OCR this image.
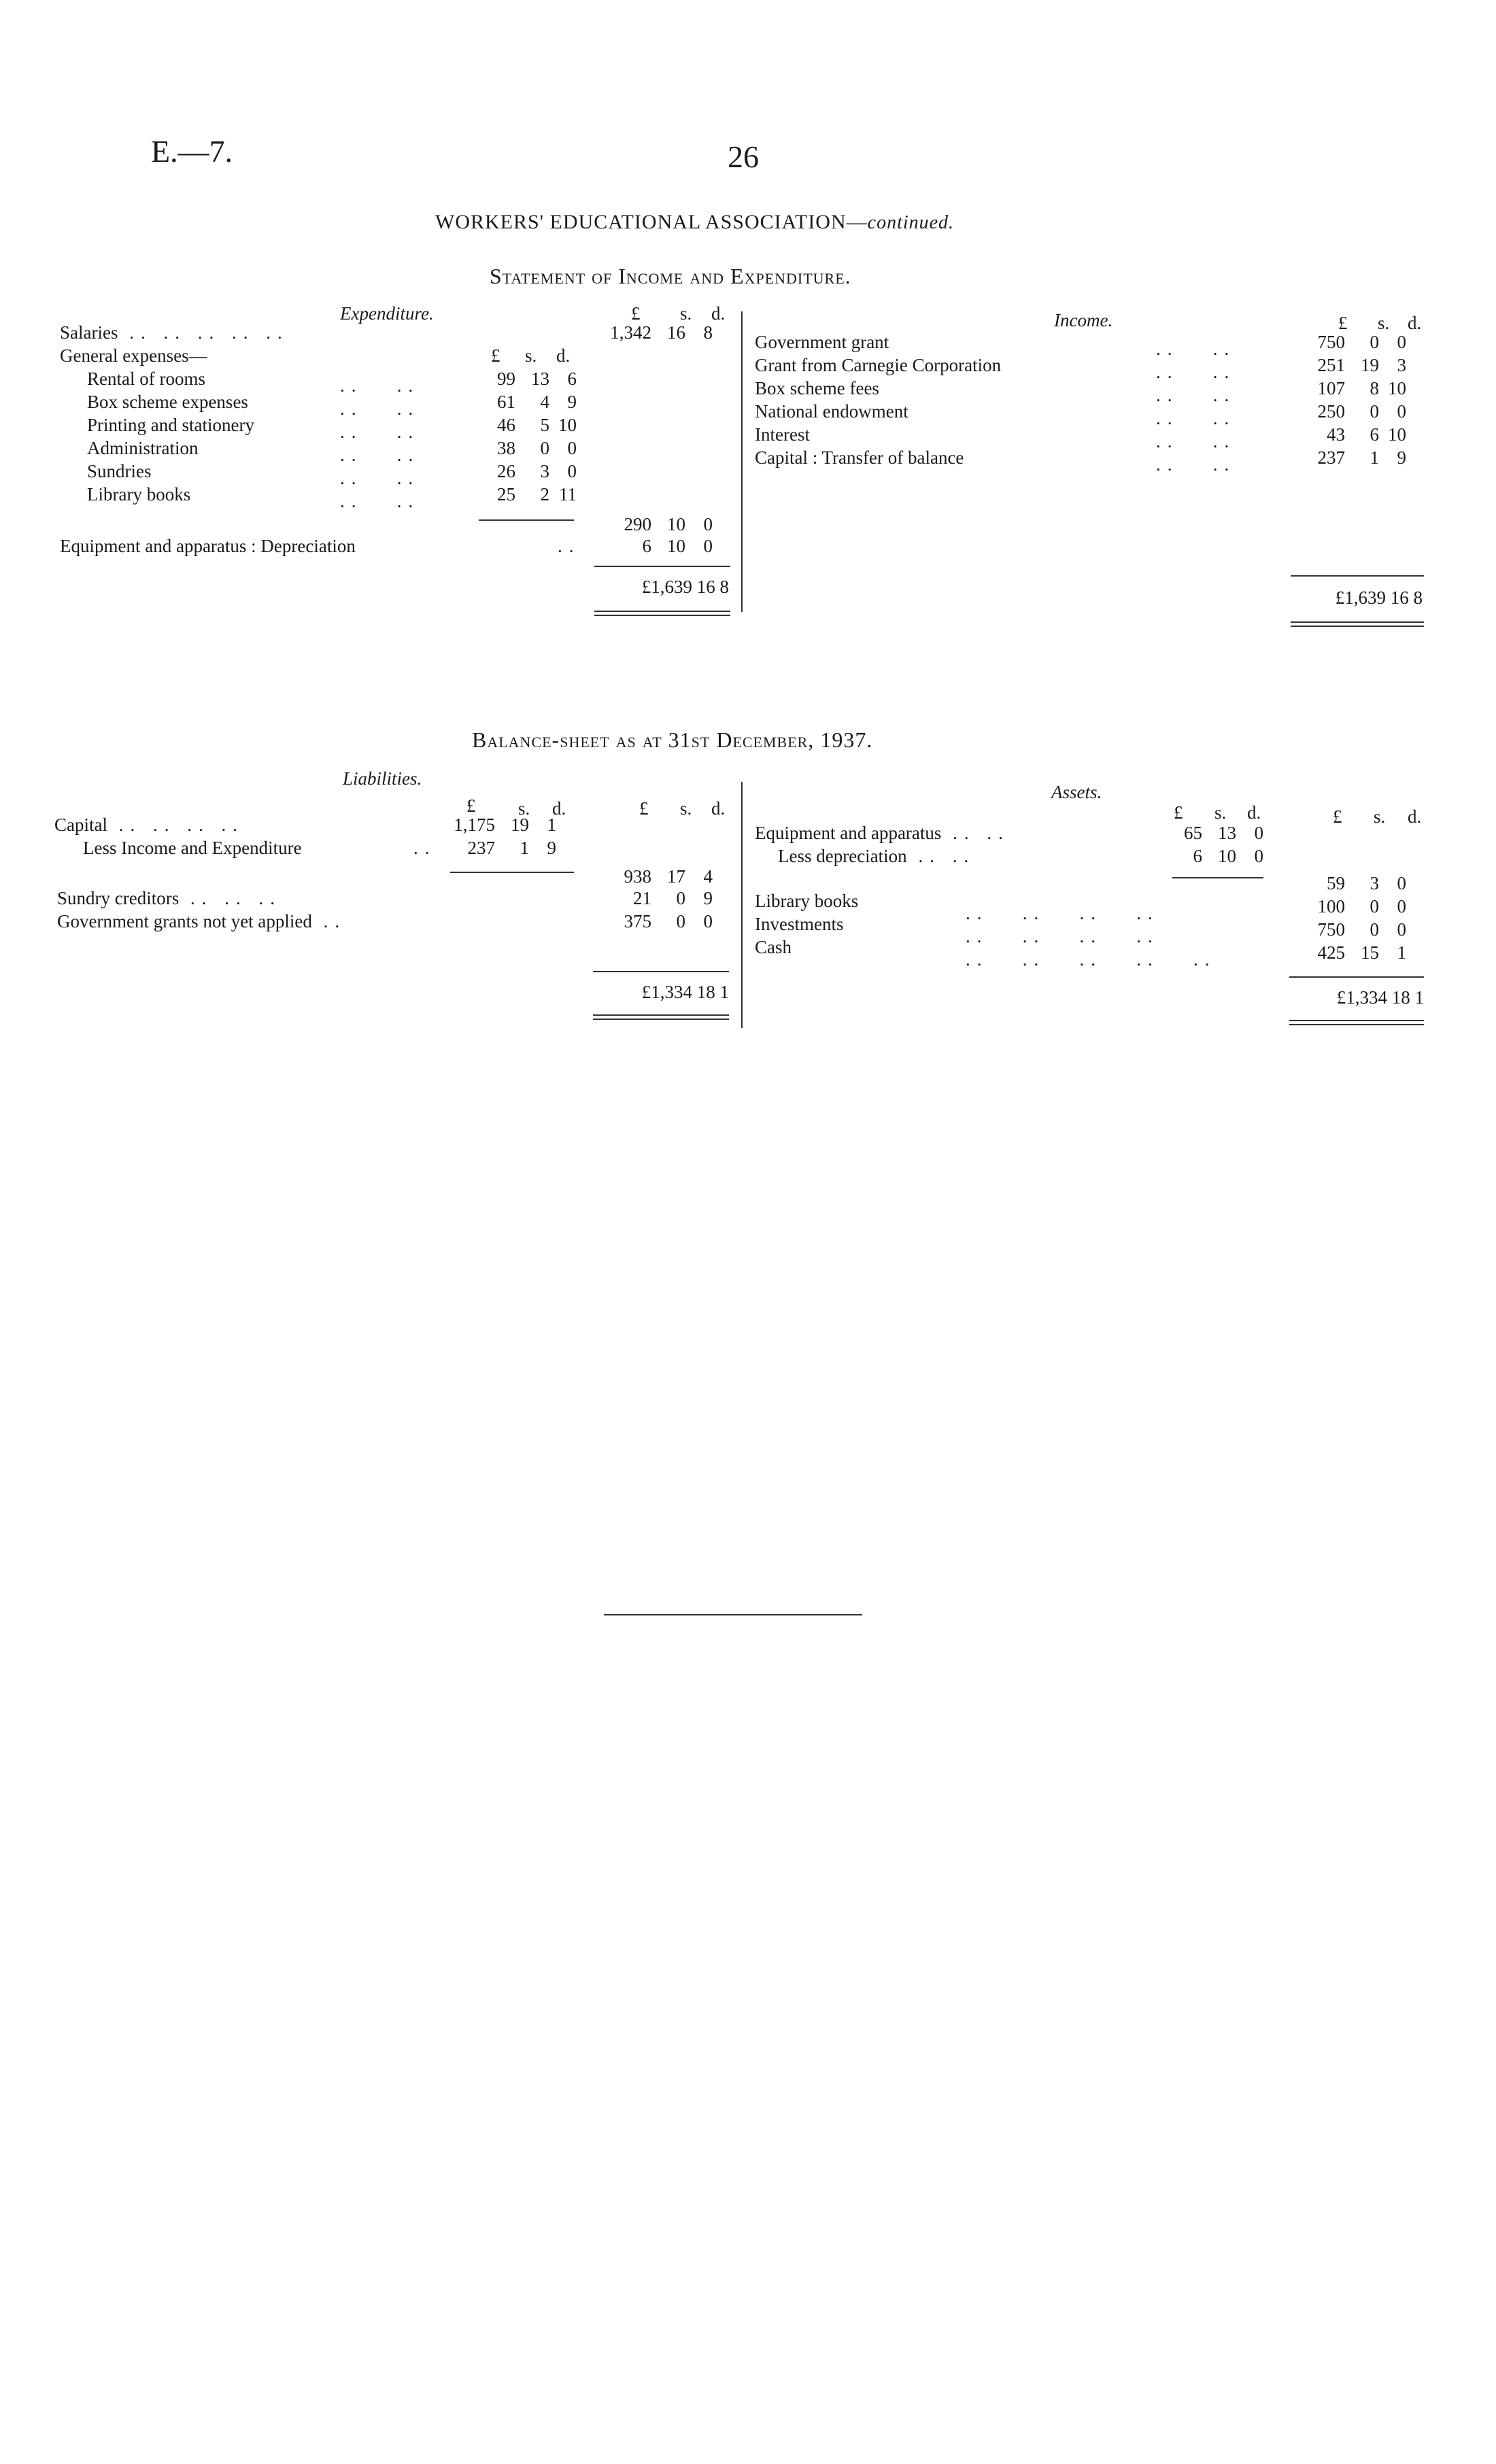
E.—7.	26
WORKERS' EDUCATIONAL ASSOCIATION—continued.
Statement of Income and Expenditure.
Expenditure.	£ s. d.
Salaries .. .. .. .. ..	1,342 16 8
General expenses—	£ s. d.
Rental of rooms	99 13 6
Box scheme expenses	61 4 9
Printing and stationery	46 5 10
Administration	38 0 0
Sundries	26 3 0
Library books	25 2 11
..   ..
..   ..
..   ..
..   ..
..   ..
..   ..
290 10 0
Equipment and apparatus : Depreciation	..	6 10 0
£1,639 16 8
Income.	£ s. d.
Government grant	750 0 0
Grant from Carnegie Corporation	251 19 3
Box scheme fees	107 8 10
National endowment	250 0 0
Interest	43 6 10
Capital : Transfer of balance	237 1 9
..   ..
..   ..
..   ..
..   ..
..   ..
..   ..
£1,639 16 8
Balance-sheet as at 31st December, 1937.
Liabilities.
£ s. d.	£ s. d.
Capital .. .. .. ..	1,175 19 1
Less Income and Expenditure	..	237 1 9
938 17 4
Sundry creditors .. .. ..	21 0 9
Government grants not yet applied ..	375 0 0
£1,334 18 1
Assets.
£ s. d.	£ s. d.
Equipment and apparatus .. ..	65 13 0
Less depreciation .. ..	6 10 0
59 3 0
Library books	100 0 0
Investments	750 0 0
Cash	425 15 1
..   ..   ..   ..
..   ..   ..   ..
..   ..   ..   ..   ..
£1,334 18 1
